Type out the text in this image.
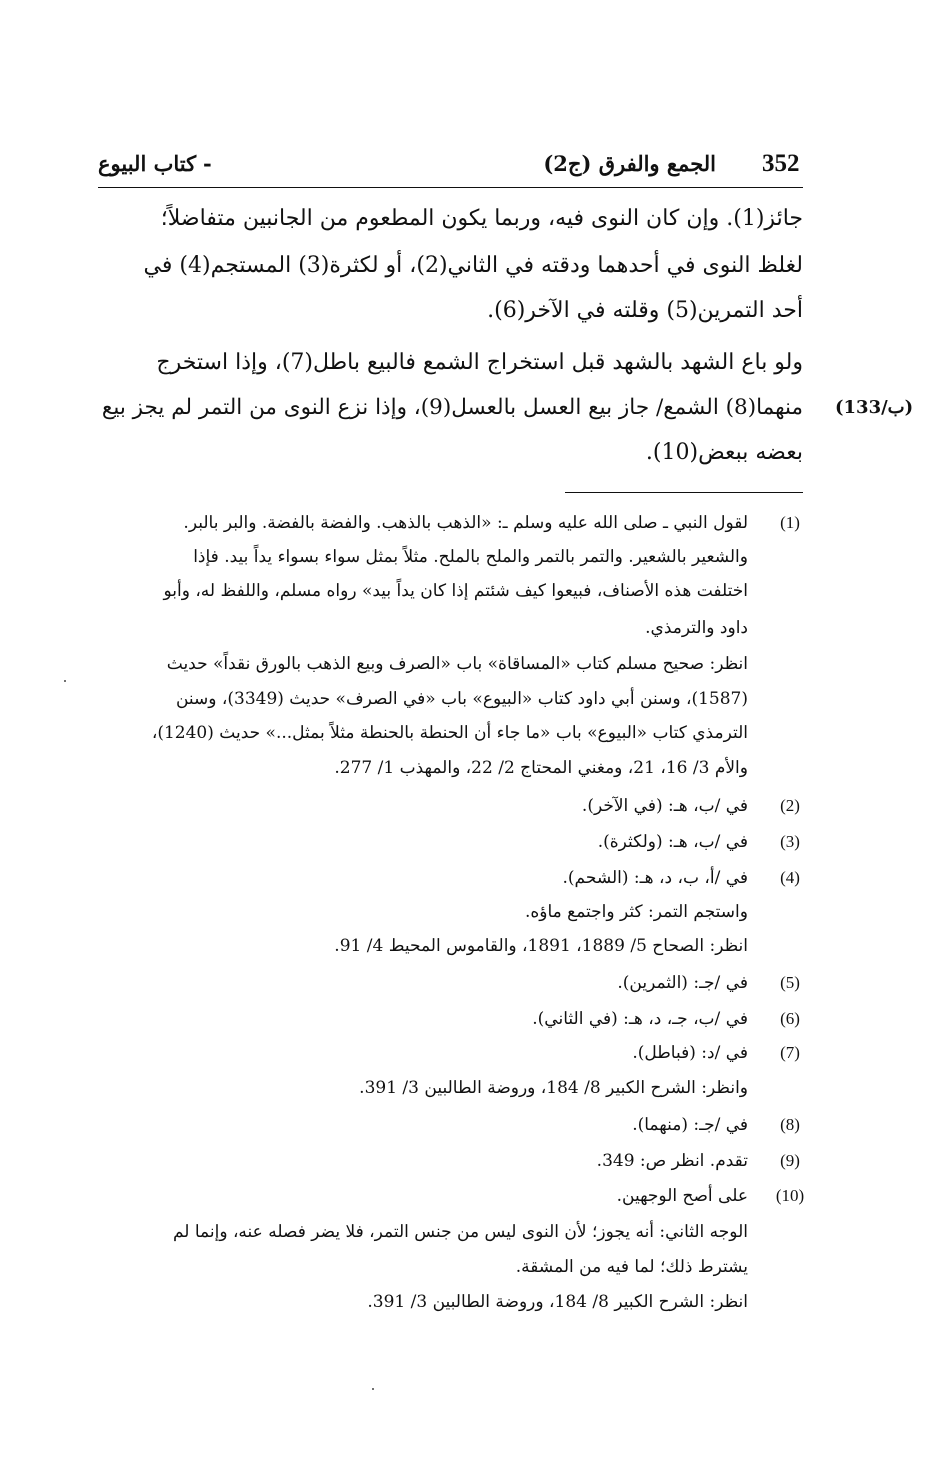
352
الجمع والفرق (ج2)
-
كتاب البيوع
جائز(1). وإن كان النوى فيه، وربما يكون المطعوم من الجانبين متفاضلاً؛
لغلظ النوى في أحدهما ودقته في الثاني(2)، أو لكثرة(3) المستجم(4) في
أحد التمرين(5) وقلته في الآخر(6).
ولو باع الشهد بالشهد قبل استخراج الشمع فالبيع باطل(7)، وإذا استخرج
منهما(8) الشمع/ جاز بيع العسل بالعسل(9)، وإذا نزع النوى من التمر لم يجز بيع
بعضه ببعض(10).
(133/ب)
(1)
لقول النبي ـ صلى الله عليه وسلم ـ: «الذهب بالذهب. والفضة بالفضة. والبر بالبر.
والشعير بالشعير. والتمر بالتمر والملح بالملح. مثلاً بمثل سواء بسواء يداً بيد. فإذا
اختلفت هذه الأصناف، فبيعوا كيف شئتم إذا كان يداً بيد» رواه مسلم، واللفظ له، وأبو
داود والترمذي.
انظر: صحيح مسلم كتاب «المساقاة» باب «الصرف وبيع الذهب بالورق نقداً» حديث
(1587)، وسنن أبي داود كتاب «البيوع» باب «في الصرف» حديث (3349)، وسنن
الترمذي كتاب «البيوع» باب «ما جاء أن الحنطة بالحنطة مثلاً بمثل...» حديث (1240)،
والأم 3/ 16، 21، ومغني المحتاج 2/ 22، والمهذب 1/ 277.
(2)
في /ب، هـ: (في الآخر).
(3)
في /ب، هـ: (ولكثرة).
(4)
في /أ، ب، د، هـ: (الشحم).
واستجم التمر: كثر واجتمع ماؤه.
انظر: الصحاح 5/ 1889، 1891، والقاموس المحيط 4/ 91.
(5)
في /جـ: (الثمرين).
(6)
في /ب، جـ، د، هـ: (في الثاني).
(7)
في /د: (فباطل).
وانظر: الشرح الكبير 8/ 184، وروضة الطالبين 3/ 391.
(8)
في /جـ: (منهما).
(9)
تقدم. انظر ص: 349.
(10)
على أصح الوجهين.
الوجه الثاني: أنه يجوز؛ لأن النوى ليس من جنس التمر، فلا يضر فصله عنه، وإنما لم
يشترط ذلك؛ لما فيه من المشقة.
انظر: الشرح الكبير 8/ 184، وروضة الطالبين 3/ 391.
